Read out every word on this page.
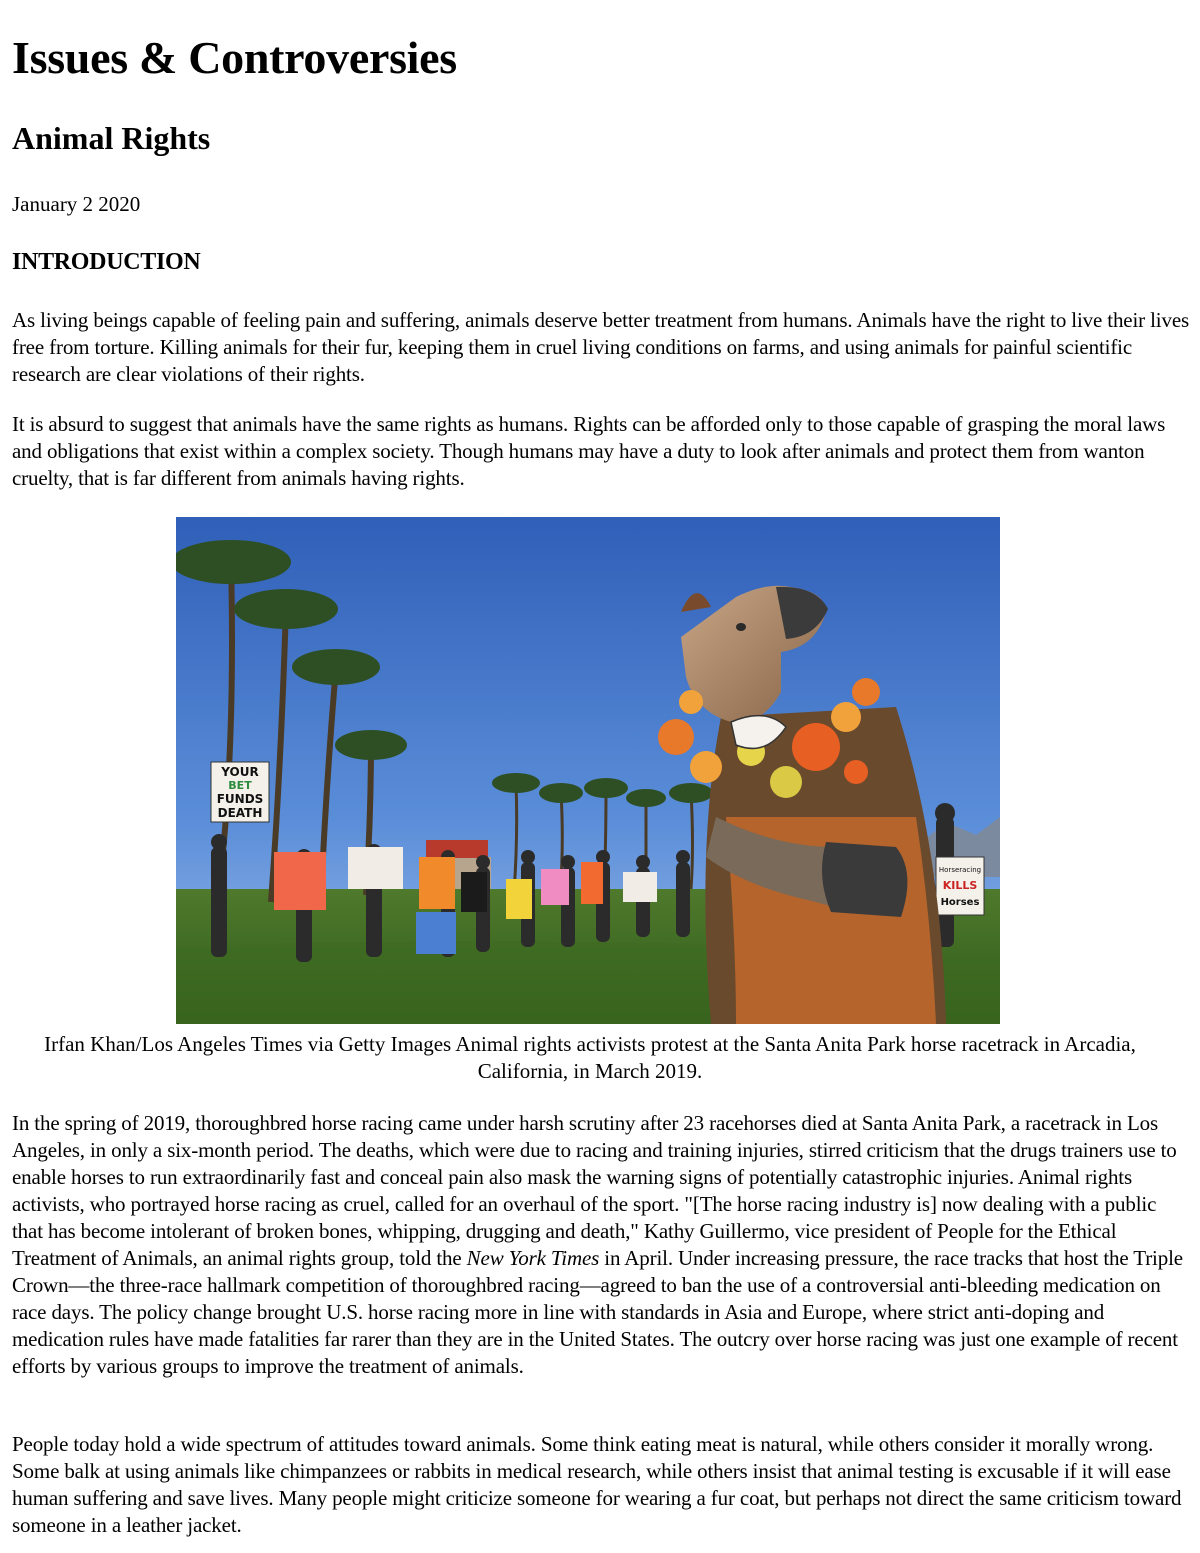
Issues & Controversies
Animal Rights

January 2 2020

INTRODUCTION

As living beings capable of feeling pain and suffering, animals deserve better treatment from humans. Animals have the right to live their lives free from torture. Killing animals for their fur, keeping them in cruel living conditions on farms, and using animals for painful scientific research are clear violations of their rights.

It is absurd to suggest that animals have the same rights as humans. Rights can be afforded only to those capable of grasping the moral laws and obligations that exist within a complex society. Though humans may have a duty to look after animals and protect them from wanton cruelty, that is far different from animals having rights.

YOUR
BET
FUNDS
DEATH
Horseracing
KILLS
Horses

Irfan Khan/Los Angeles Times via Getty Images Animal rights activists protest at the Santa Anita Park horse racetrack in Arcadia, California, in March 2019.

In the spring of 2019, thoroughbred horse racing came under harsh scrutiny after 23 racehorses died at Santa Anita Park, a racetrack in Los Angeles, in only a six-month period. The deaths, which were due to racing and training injuries, stirred criticism that the drugs trainers use to enable horses to run extraordinarily fast and conceal pain also mask the warning signs of potentially catastrophic injuries. Animal rights activists, who portrayed horse racing as cruel, called for an overhaul of the sport. "[The horse racing industry is] now dealing with a public that has become intolerant of broken bones, whipping, drugging and death," Kathy Guillermo, vice president of People for the Ethical Treatment of Animals, an animal rights group, told the New York Times in April. Under increasing pressure, the race tracks that host the Triple Crown—the three-race hallmark competition of thoroughbred racing—agreed to ban the use of a controversial anti-bleeding medication on race days. The policy change brought U.S. horse racing more in line with standards in Asia and Europe, where strict anti-doping and medication rules have made fatalities far rarer than they are in the United States. The outcry over horse racing was just one example of recent efforts by various groups to improve the treatment of animals.

People today hold a wide spectrum of attitudes toward animals. Some think eating meat is natural, while others consider it morally wrong. Some balk at using animals like chimpanzees or rabbits in medical research, while others insist that animal testing is excusable if it will ease human suffering and save lives. Many people might criticize someone for wearing a fur coat, but perhaps not direct the same criticism toward someone in a leather jacket.
